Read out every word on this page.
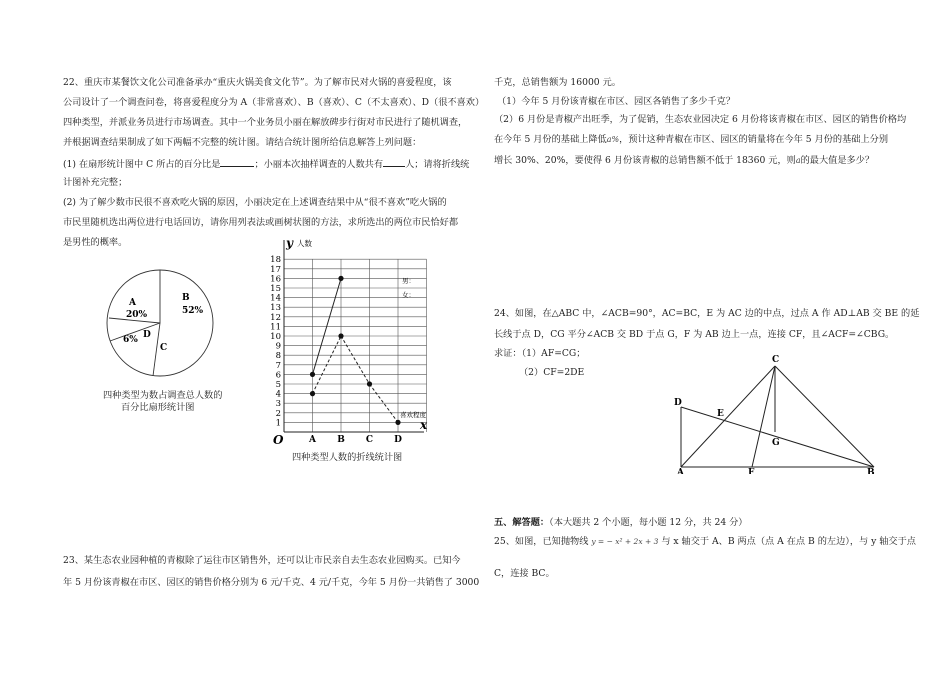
22、重庆市某餐饮文化公司准备承办“重庆火锅美食文化节”。为了解市民对火锅的喜爱程度，该
公司设计了一个调查问卷，将喜爱程度分为 A（非常喜欢）、B（喜欢）、C（不太喜欢）、D（很不喜欢）
四种类型，并派业务员进行市场调查。其中一个业务员小丽在解放碑步行街对市民进行了随机调查，
并根据调查结果制成了如下两幅不完整的统计图。请结合统计图所给信息解答上列问题：
(1) 在扇形统计图中 C 所占的百分比是	；小丽本次抽样调查的人数共有 人；请将折线统
计图补充完整；
(2) 为了解少数市民很不喜欢吃火锅的原因，小丽决定在上述调查结果中从“很不喜欢”吃火锅的
市民里随机选出两位进行电话回访，请你用列表法或画树状图的方法，求所选出的两位市民恰好都
是男性的概率。
A
20%
B
52%
C
D
6%
四种类型为数占调查总人数的
百分比扇形统计图
y 人数
O
x
喜欢程度
男：
女：
1
2
3
4
5
6
7
8
9
10
11
12
13
14
15
16
17
18
A B C D
四种类型人数的折线统计图
23、某生态农业园种植的青椒除了运往市区销售外，还可以让市民亲自去生态农业园购买。已知今
年 5 月份该青椒在市区、园区的销售价格分别为 6 元/千克、4 元/千克，今年 5 月份一共销售了 3000
千克，总销售额为 16000 元。
（1）今年 5 月份该青椒在市区、园区各销售了多少千克？
（2）6 月份是青椒产出旺季，为了促销，生态农业园决定 6 月份将该青椒在市区、园区的销售价格均
在今年 5 月份的基础上降低a%，预计这种青椒在市区、园区的销量将在今年 5 月份的基础上分别
增长 30%、20%，要使得 6 月份该青椒的总销售额不低于 18360 元，则a的最大值是多少？
24、如图，在△ABC 中，∠ACB=90°，AC=BC，E 为 AC 边的中点，过点 A 作 AD⊥AB 交 BE 的延
长线于点 D，CG 平分∠ACB 交 BD 于点 G，F 为 AB 边上一点，连接 CF，且∠ACF=∠CBG。
求证：（1）AF=CG；
（2）CF=2DE
C
D
E
G
A	F	B
五、解答题：（本大题共 2 个小题，每小题 12 分，共 24 分）
25、如图，已知抛物线 y = − x² + 2x + 3 与 x 轴交于 A、B 两点（点 A 在点 B 的左边），与 y 轴交于点
C，连接 BC。
